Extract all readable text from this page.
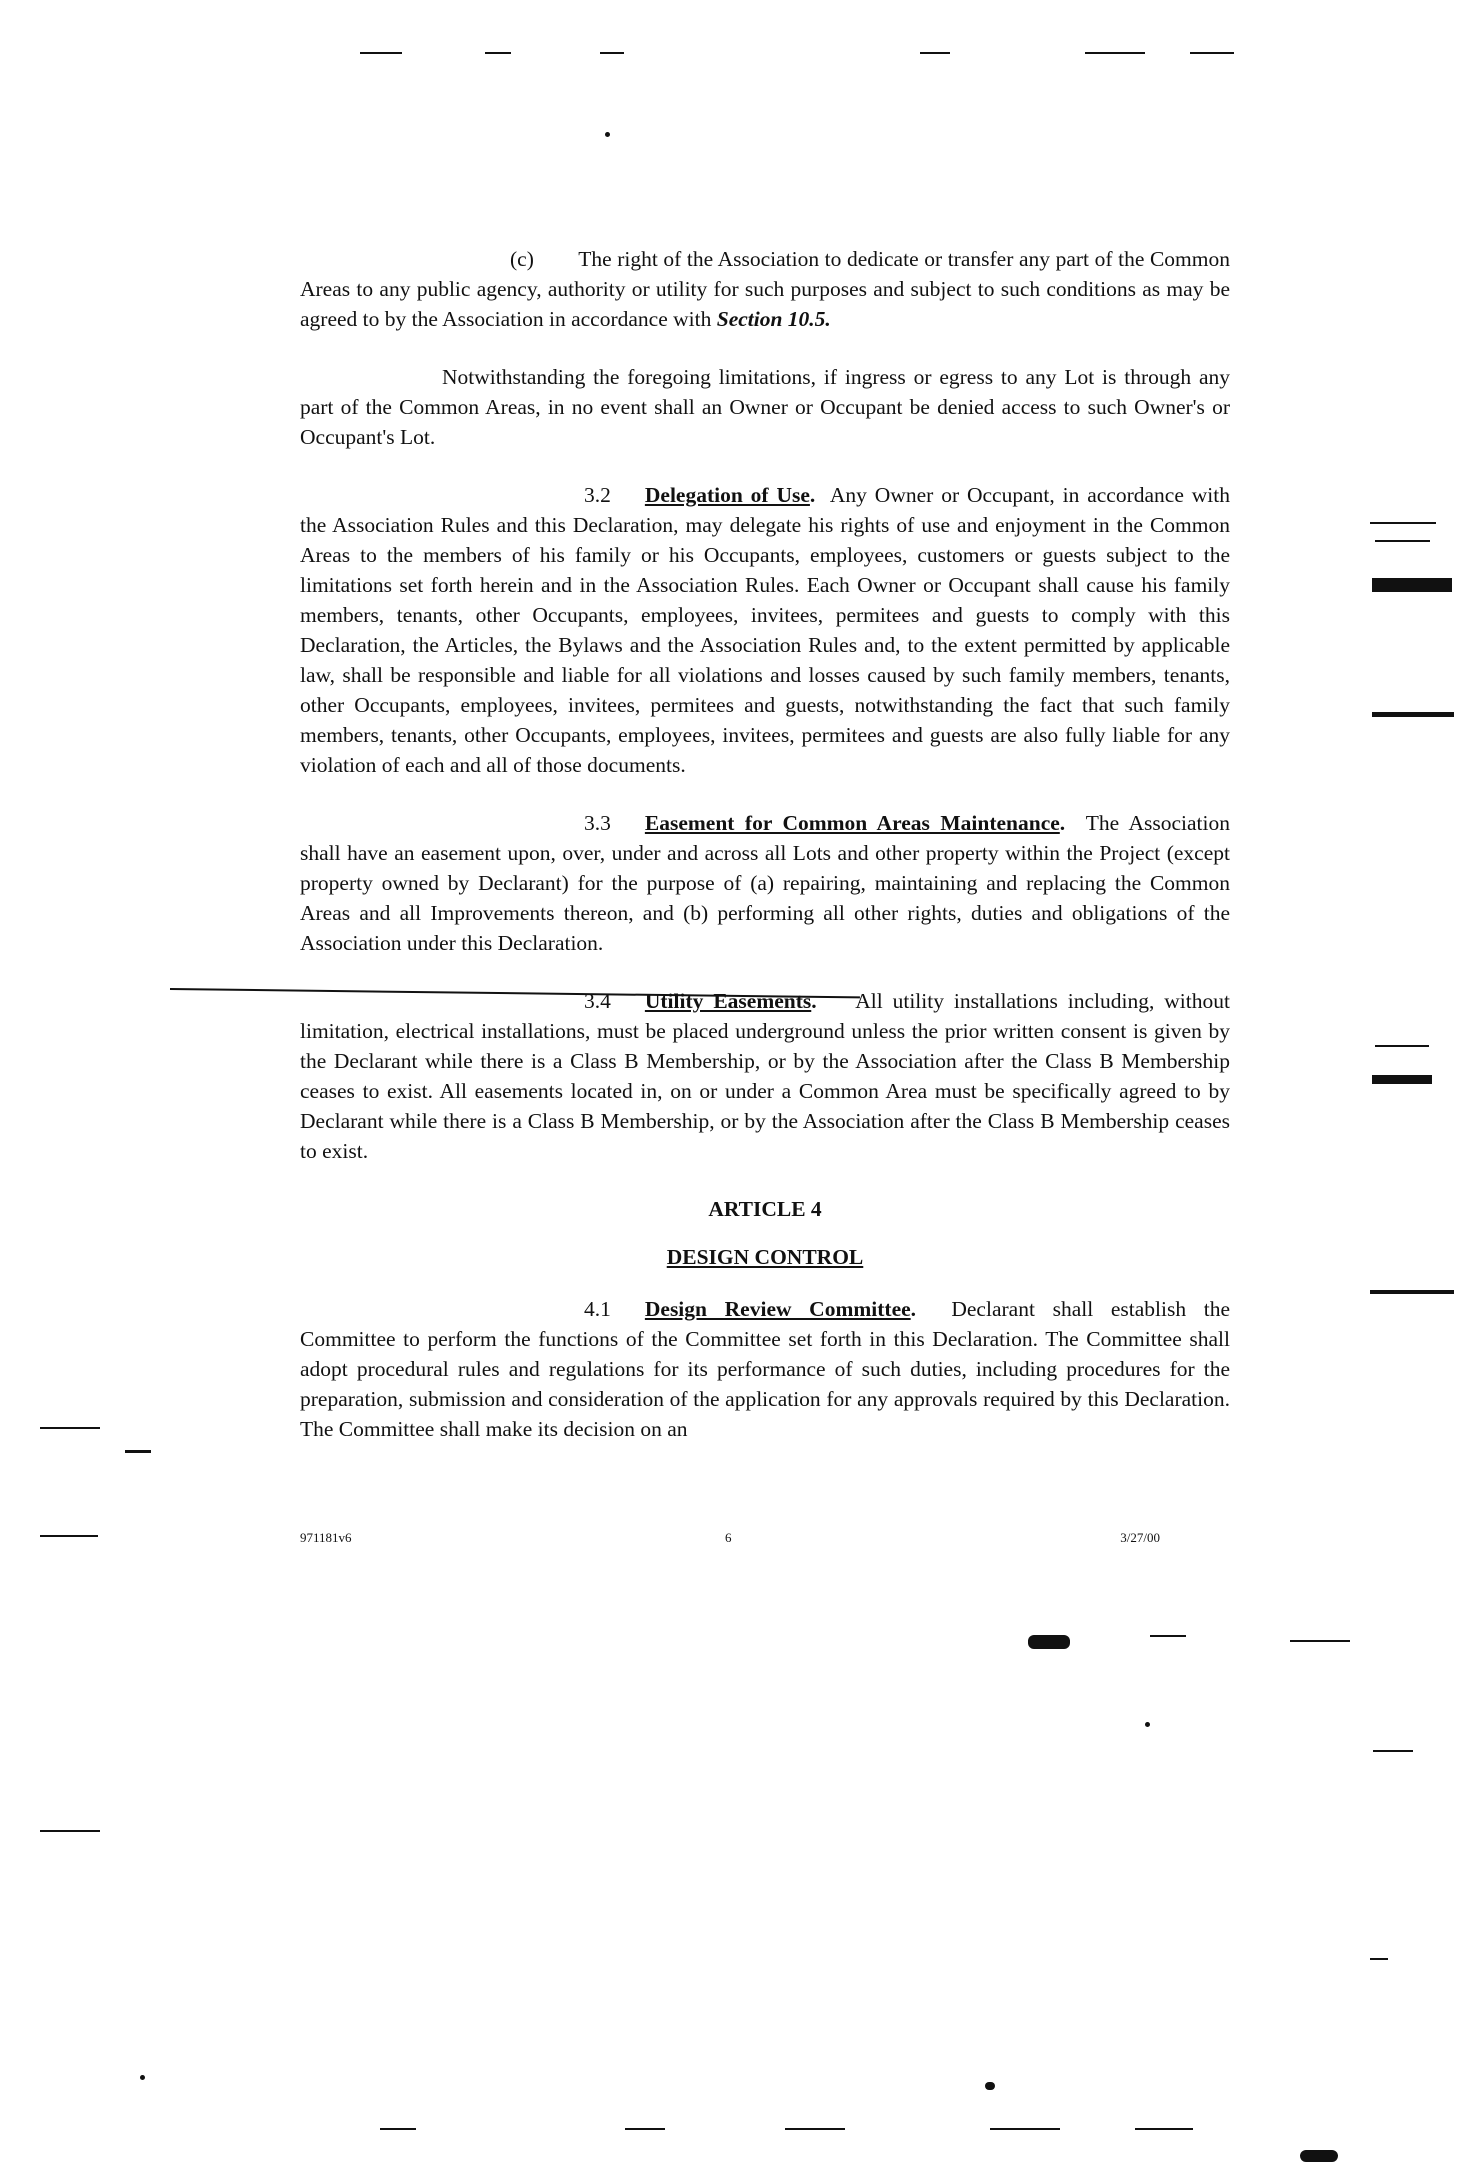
(c) The right of the Association to dedicate or transfer any part of the Common Areas to any public agency, authority or utility for such purposes and subject to such conditions as may be agreed to by the Association in accordance with Section 10.5.

Notwithstanding the foregoing limitations, if ingress or egress to any Lot is through any part of the Common Areas, in no event shall an Owner or Occupant be denied access to such Owner's or Occupant's Lot.

3.2 Delegation of Use. Any Owner or Occupant, in accordance with the Association Rules and this Declaration, may delegate his rights of use and enjoyment in the Common Areas to the members of his family or his Occupants, employees, customers or guests subject to the limitations set forth herein and in the Association Rules. Each Owner or Occupant shall cause his family members, tenants, other Occupants, employees, invitees, permitees and guests to comply with this Declaration, the Articles, the Bylaws and the Association Rules and, to the extent permitted by applicable law, shall be responsible and liable for all violations and losses caused by such family members, tenants, other Occupants, employees, invitees, permitees and guests, notwithstanding the fact that such family members, tenants, other Occupants, employees, invitees, permitees and guests are also fully liable for any violation of each and all of those documents.

3.3 Easement for Common Areas Maintenance. The Association shall have an easement upon, over, under and across all Lots and other property within the Project (except property owned by Declarant) for the purpose of (a) repairing, maintaining and replacing the Common Areas and all Improvements thereon, and (b) performing all other rights, duties and obligations of the Association under this Declaration.

3.4 Utility Easements. All utility installations including, without limitation, electrical installations, must be placed underground unless the prior written consent is given by the Declarant while there is a Class B Membership, or by the Association after the Class B Membership ceases to exist. All easements located in, on or under a Common Area must be specifically agreed to by Declarant while there is a Class B Membership, or by the Association after the Class B Membership ceases to exist.

ARTICLE 4
DESIGN CONTROL

4.1 Design Review Committee. Declarant shall establish the Committee to perform the functions of the Committee set forth in this Declaration. The Committee shall adopt procedural rules and regulations for its performance of such duties, including procedures for the preparation, submission and consideration of the application for any approvals required by this Declaration. The Committee shall make its decision on an

971181v6	6	3/27/00
